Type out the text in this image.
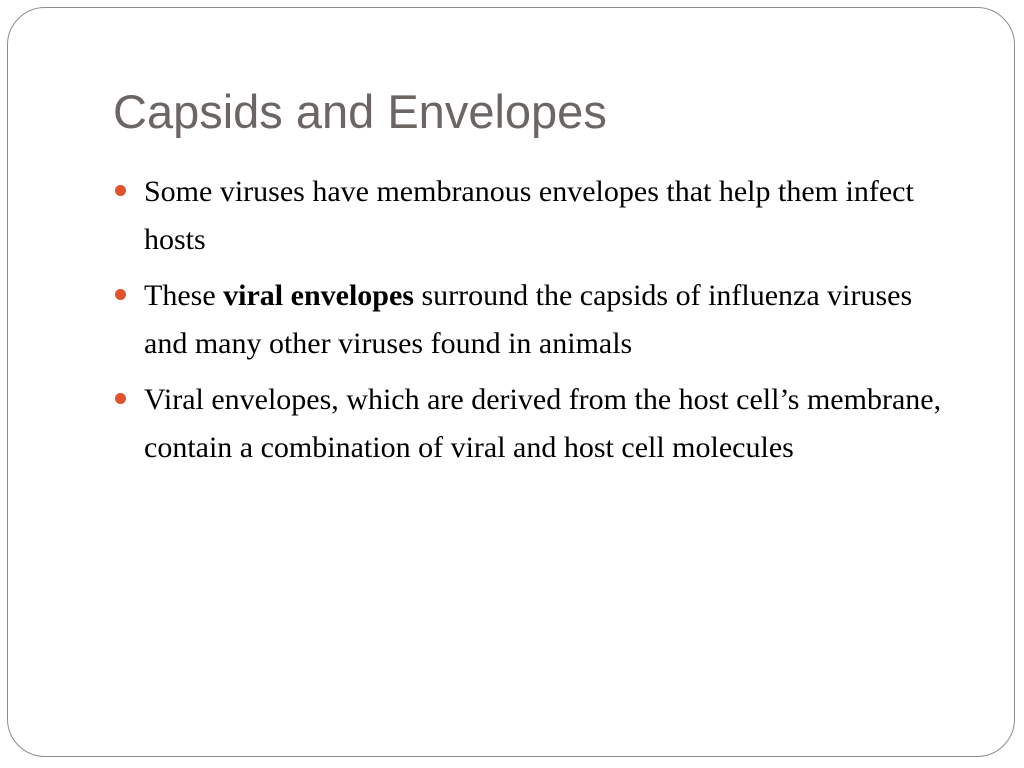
Capsids and Envelopes
Some viruses have membranous envelopes that help them infect hosts
These viral envelopes surround the capsids of influenza viruses and many other viruses found in animals
Viral envelopes, which are derived from the host cell’s membrane, contain a combination of viral and host cell molecules
